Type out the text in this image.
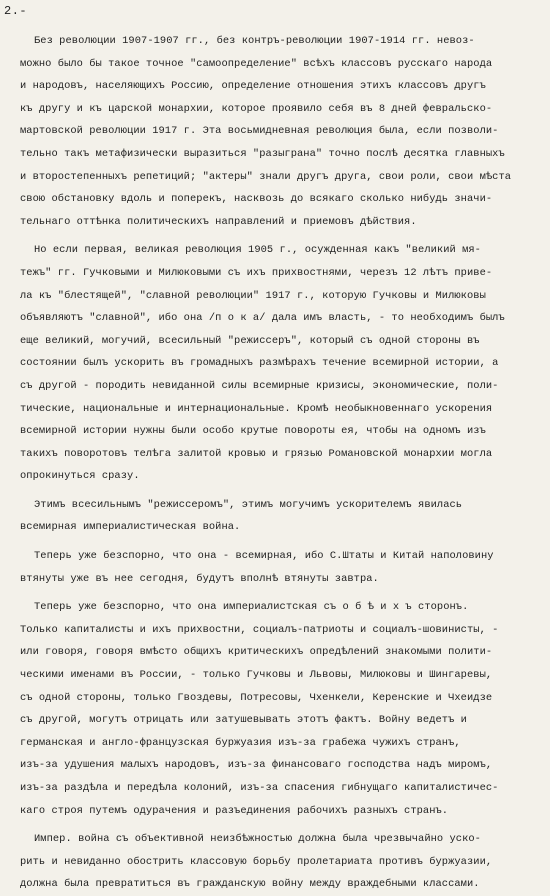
2.-
Без революции 1907-1907 гг., без контръ-революции 1907-1914 гг. невоз-
можно было бы такое точное "самоопределение" всѣхъ классовъ русскаго народа
и народовъ, населяющихъ Россию, определение отношения этихъ классовъ другъ
къ другу и къ царской монархии, которое проявило себя въ 8 дней февральско-
мартовской революции 1917 г. Эта восьмидневная революция была, если позволи-
тельно такъ метафизически выразиться "разыграна" точно послѣ десятка главныхъ
и второстепенныхъ репетиций; "актеры" знали другъ друга, свои роли, свои мѣста
свою обстановку вдоль и поперекъ, насквозь до всякаго сколько нибудь значи-
тельнаго оттѣнка политическихъ направлений и приемовъ дѣйствия.
Но если первая, великая революция 1905 г., осужденная какъ "великий мя-
тежъ" гг. Гучковыми и Милюковыми съ ихъ прихвостнями, черезъ 12 лѣтъ приве-
ла къ "блестящей", "славной революции" 1917 г., которую Гучковы и Милюковы
объявляютъ "славной", ибо она /п о к а/ дала имъ власть, - то необходимъ былъ
еще великий, могучий, всесильный "режиссеръ", который съ одной стороны въ
состоянии былъ ускорить въ громадныхъ размѣрахъ течение всемирной истории, а
съ другой - породить невиданной силы всемирные кризисы, экономические, поли-
тические, национальные и интернациональные. Кромѣ необыкновеннаго ускорения
всемирной истории нужны были особо крутые повороты ея, чтобы на одномъ изъ
такихъ поворотовъ телѣга залитой кровью и грязью Романовской монархии могла
опрокинуться сразу.
Этимъ всесильнымъ "режиссеромъ", этимъ могучимъ ускорителемъ явилась
всемирная империалистическая война.
Теперь уже безспорно, что она - всемирная, ибо С.Штаты и Китай наполовину
втянуты уже въ нее сегодня, будутъ вполнѣ втянуты завтра.
Теперь уже безспорно, что она империалистская съ о б ѣ и х ъ сторонъ.
Только капиталисты и ихъ прихвостни, социалъ-патриоты и социалъ-шовинисты, -
или говоря, говоря вмѣсто общихъ критическихъ опредѣлений знакомыми полити-
ческими именами въ России, - только Гучковы и Львовы, Милюковы и Шингаревы,
съ одной стороны, только Гвоздевы, Потресовы, Чхенкели, Керенские и Чхеидзе
съ другой, могутъ отрицать или затушевывать этотъ фактъ. Войну ведетъ и
германская и англо-французская буржуазия изъ-за грабежа чужихъ странъ,
изъ-за удушения малыхъ народовъ, изъ-за финансоваго господства надъ миромъ,
изъ-за раздѣла и передѣла колоний, изъ-за спасения гибнущаго капиталистичес-
каго строя путемъ одурачения и разъединения рабочихъ разныхъ странъ.
Импер. война съ объективной неизбѣжностью должна была чрезвычайно уско-
рить и невиданно обострить классовую борьбу пролетариата противъ буржуазии,
должна была превратиться въ гражданскую войну между враждебными классами.
